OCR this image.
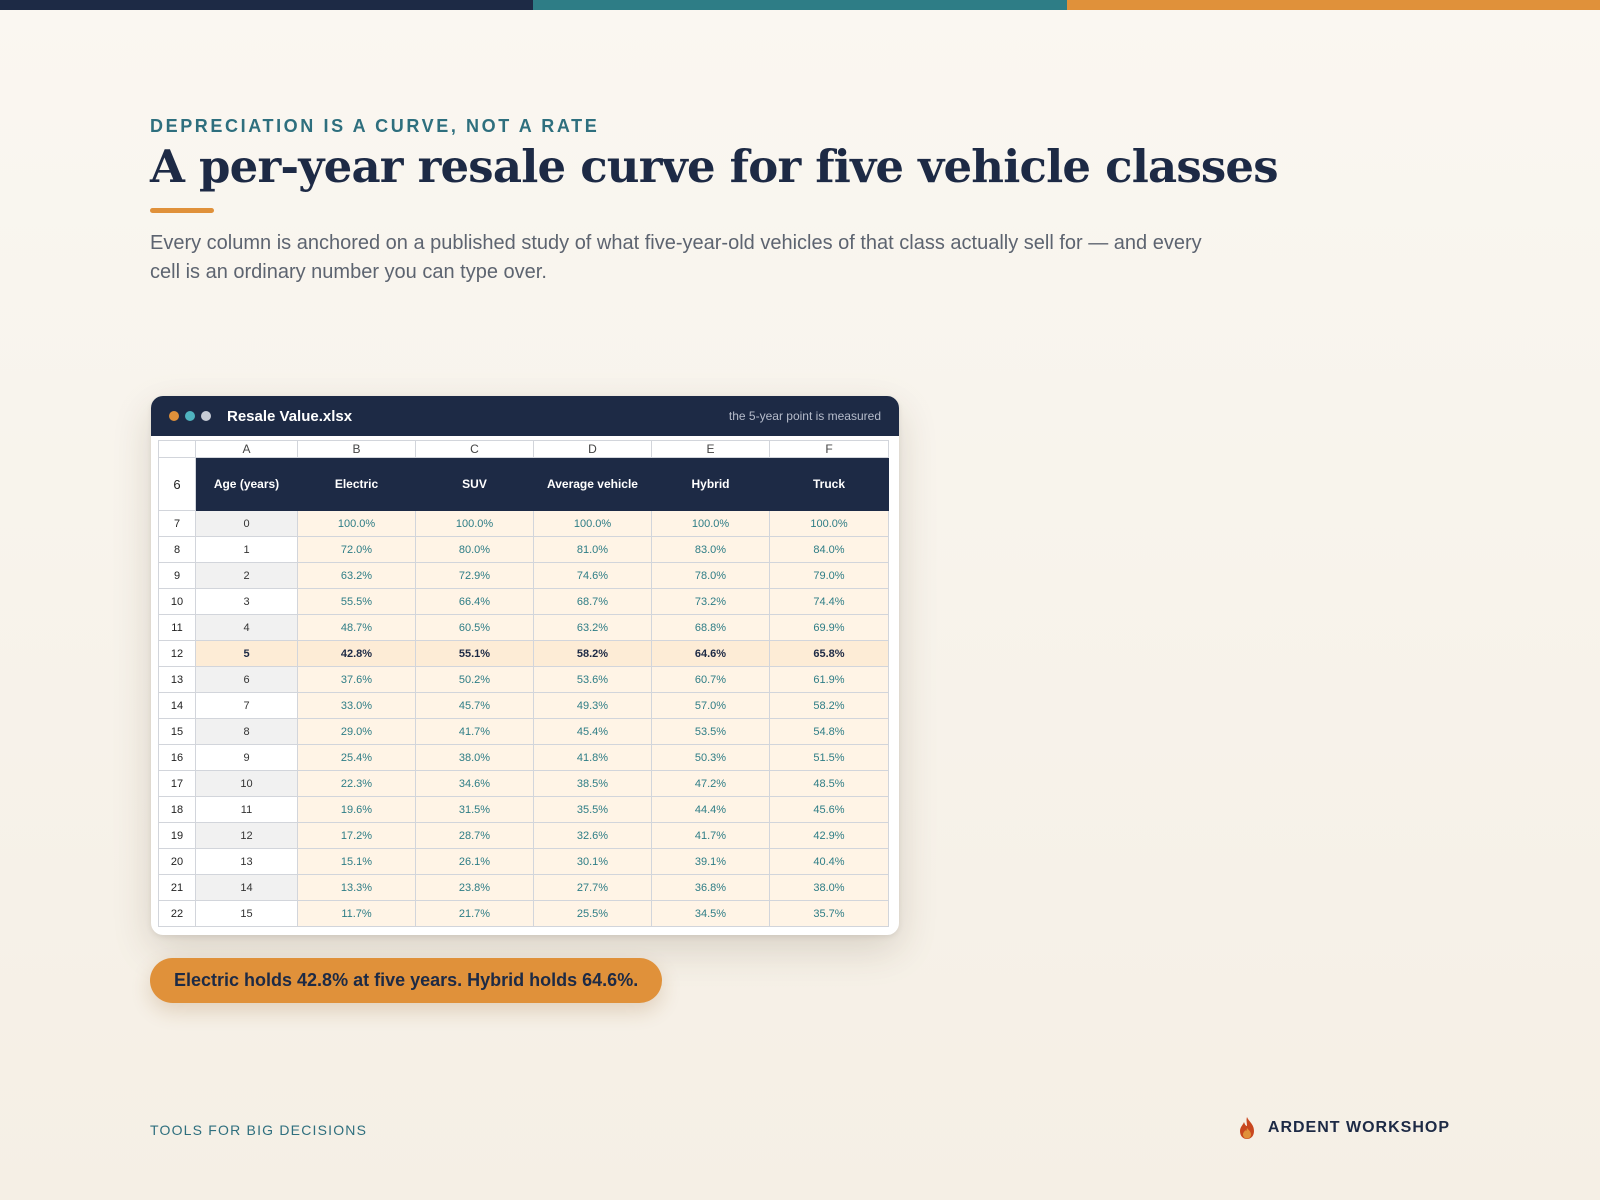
DEPRECIATION IS A CURVE, NOT A RATE
A per-year resale curve for five vehicle classes

Every column is anchored on a published study of what five-year-old vehicles of that class actually sell for — and every cell is an ordinary number you can type over.

Resale Value.xlsx	the 5-year point is measured
	A	B	C	D	E	F
6	Age (years)	Electric	SUV	Average vehicle	Hybrid	Truck
7	0	100.0%	100.0%	100.0%	100.0%	100.0%
8	1	72.0%	80.0%	81.0%	83.0%	84.0%
9	2	63.2%	72.9%	74.6%	78.0%	79.0%
10	3	55.5%	66.4%	68.7%	73.2%	74.4%
11	4	48.7%	60.5%	63.2%	68.8%	69.9%
12	5	42.8%	55.1%	58.2%	64.6%	65.8%
13	6	37.6%	50.2%	53.6%	60.7%	61.9%
14	7	33.0%	45.7%	49.3%	57.0%	58.2%
15	8	29.0%	41.7%	45.4%	53.5%	54.8%
16	9	25.4%	38.0%	41.8%	50.3%	51.5%
17	10	22.3%	34.6%	38.5%	47.2%	48.5%
18	11	19.6%	31.5%	35.5%	44.4%	45.6%
19	12	17.2%	28.7%	32.6%	41.7%	42.9%
20	13	15.1%	26.1%	30.1%	39.1%	40.4%
21	14	13.3%	23.8%	27.7%	36.8%	38.0%
22	15	11.7%	21.7%	25.5%	34.5%	35.7%
Electric holds 42.8% at five years. Hybrid holds 64.6%.
TOOLS FOR BIG DECISIONS	ARDENT WORKSHOP
